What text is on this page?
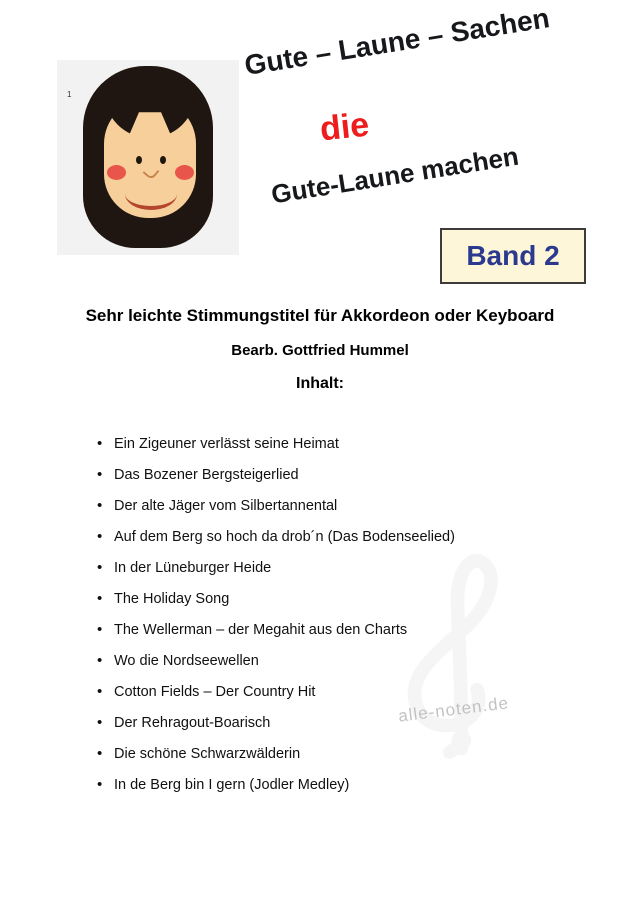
alle-noten.de
1
Gute – Laune – Sachen
die
Gute-Laune machen
Band 2
Sehr leichte Stimmungstitel für Akkordeon oder Keyboard
Bearb. Gottfried Hummel
Inhalt:
• Ein Zigeuner verlässt seine Heimat
• Das Bozener Bergsteigerlied
• Der alte Jäger vom Silbertannental
• Auf dem Berg so hoch da drob´n (Das Bodenseelied)
• In der Lüneburger Heide
• The Holiday Song
• The Wellerman – der Megahit aus den Charts
• Wo die Nordseewellen
• Cotton Fields – Der Country Hit
• Der Rehragout-Boarisch
• Die schöne Schwarzwälderin
• In de Berg bin I gern (Jodler Medley)
